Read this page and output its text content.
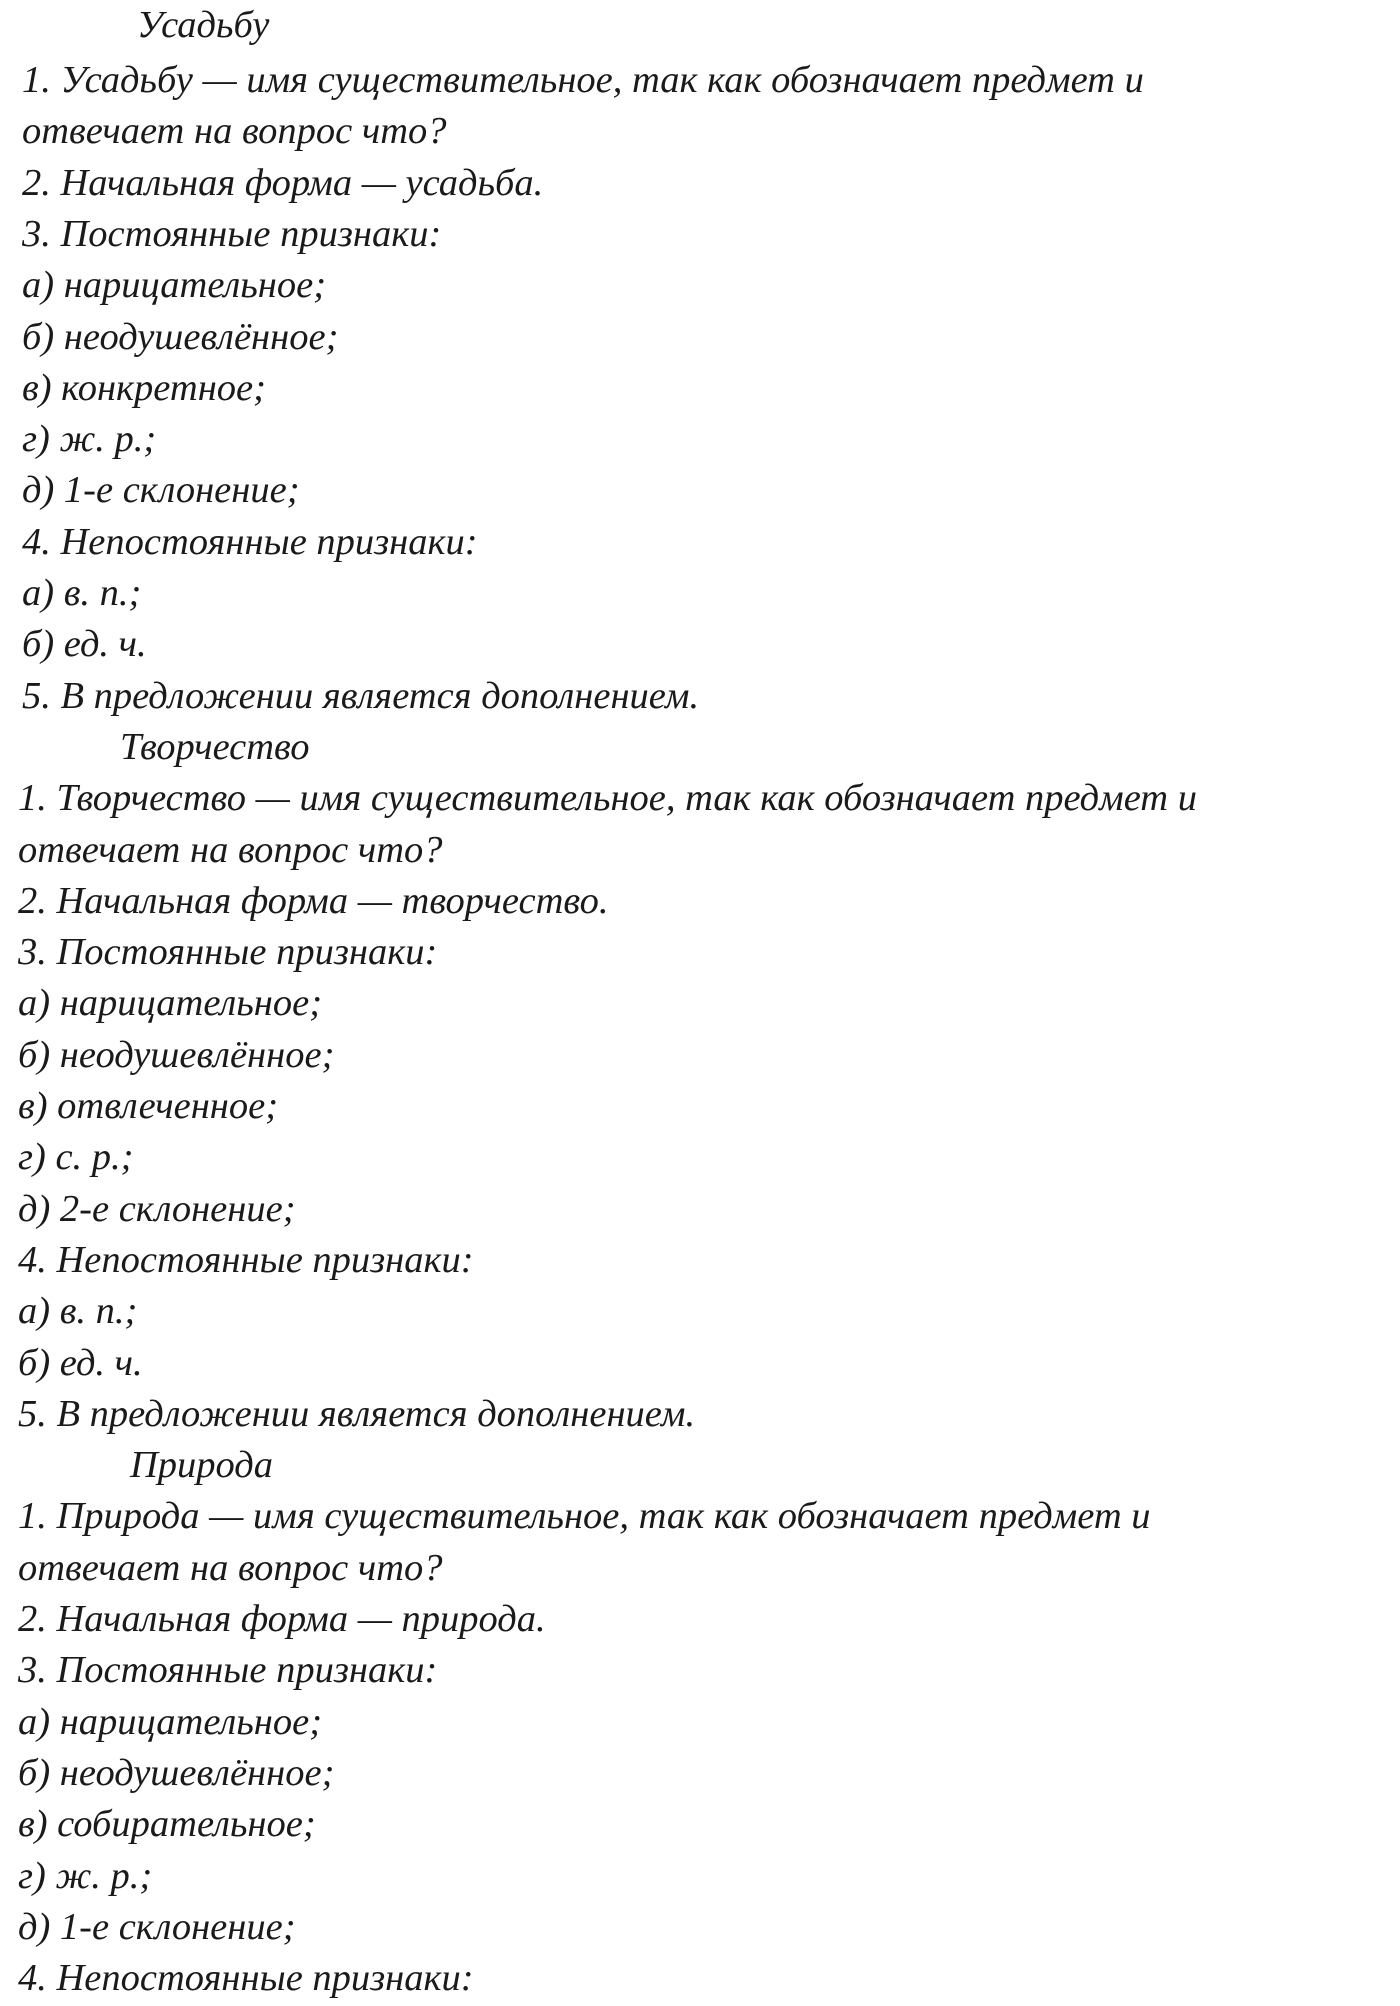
Усадьбу

1. Усадьбу — имя существительное, так как обозначает предмет и

отвечает на вопрос что?

2. Начальная форма — усадьба.

3. Постоянные признаки:

а) нарицательное;

б) неодушевлённое;

в) конкретное;

г) ж. р.;

д) 1-е склонение;

4. Непостоянные признаки:

а) в. п.;

б) ед. ч.

5. В предложении является дополнением.

Творчество

1. Творчество — имя существительное, так как обозначает предмет и

отвечает на вопрос что?

2. Начальная форма — творчество.

3. Постоянные признаки:

а) нарицательное;

б) неодушевлённое;

в) отвлеченное;

г) с. р.;

д) 2-е склонение;

4. Непостоянные признаки:

а) в. п.;

б) ед. ч.

5. В предложении является дополнением.

Природа

1. Природа — имя существительное, так как обозначает предмет и

отвечает на вопрос что?

2. Начальная форма — природа.

3. Постоянные признаки:

а) нарицательное;

б) неодушевлённое;

в) собирательное;

г) ж. р.;

д) 1-е склонение;

4. Непостоянные признаки:
